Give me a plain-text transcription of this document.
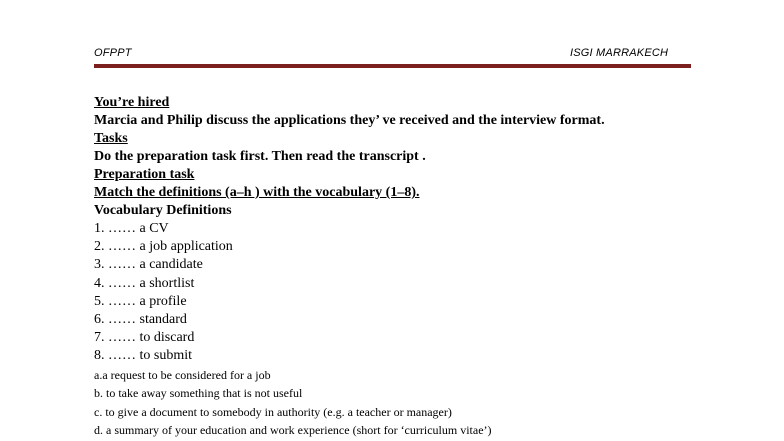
OFPPT	ISGI MARRAKECH
You’re hired
Marcia and Philip discuss the applications they’ ve received and the interview format.
Tasks
Do the preparation task first. Then read the transcript .
Preparation task
Match the definitions (a–h ) with the vocabulary (1–8).
Vocabulary Definitions
1. …… a CV
2. …… a job application
3. …… a candidate
4. …… a shortlist
5. …… a profile
6. …… standard
7. …… to discard
8. …… to submit
a.a request to be considered for a job
b. to take away something that is not useful
c. to give a document to somebody in authority (e.g. a teacher or manager)
d. a summary of your education and work experience (short for ‘curriculum vitae’)
